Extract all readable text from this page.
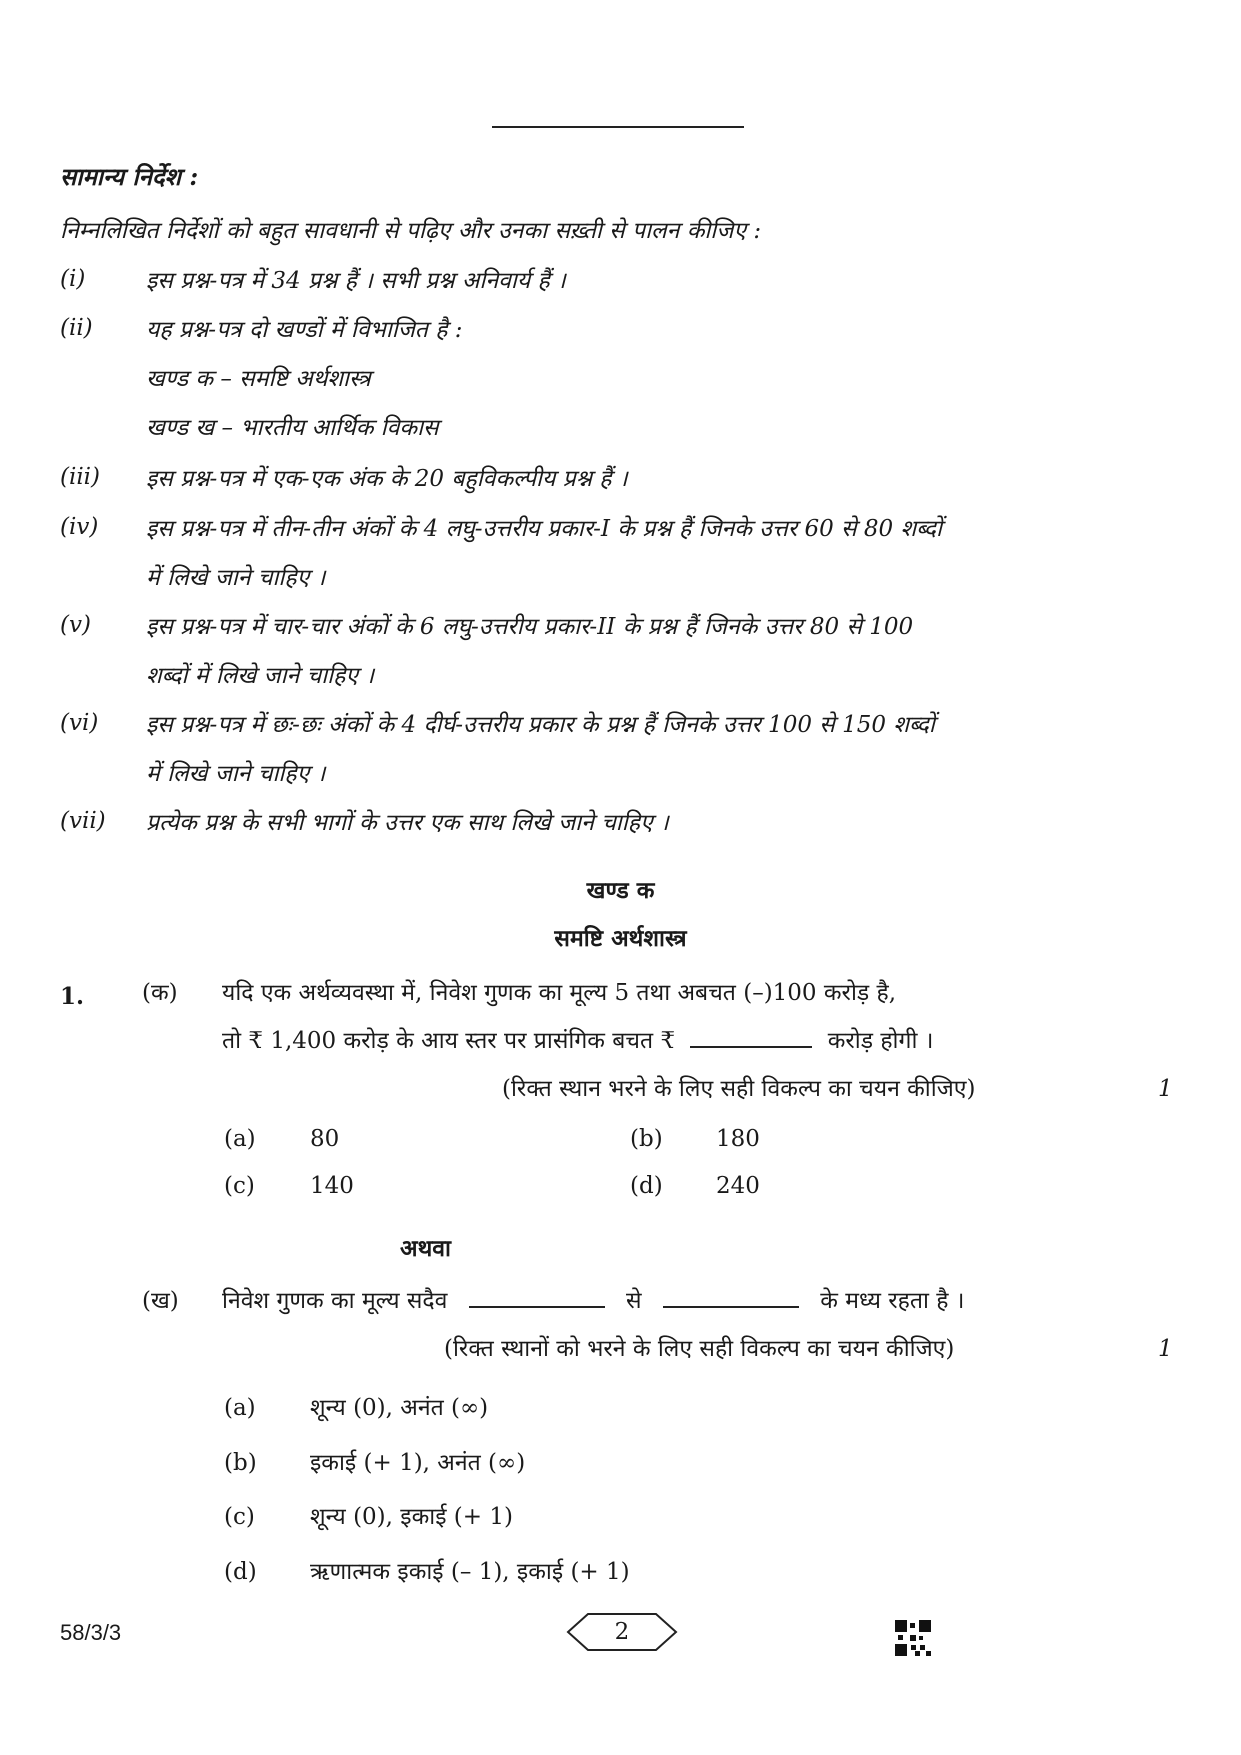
सामान्य निर्देश :
निम्नलिखित निर्देशों को बहुत सावधानी से पढ़िए और उनका सख़्ती से पालन कीजिए :
(i)	इस प्रश्न-पत्र में 34 प्रश्न हैं । सभी प्रश्न अनिवार्य हैं ।
(ii) यह प्रश्न-पत्र दो खण्डों में विभाजित है :
खण्ड क – समष्टि अर्थशास्त्र
खण्ड ख – भारतीय आर्थिक विकास
(iii) इस प्रश्न-पत्र में एक-एक अंक के 20 बहुविकल्पीय प्रश्न हैं ।
(iv) इस प्रश्न-पत्र में तीन-तीन अंकों के 4 लघु-उत्तरीय प्रकार-I के प्रश्न हैं जिनके उत्तर 60 से 80 शब्दों
में लिखे जाने चाहिए ।
(v) इस प्रश्न-पत्र में चार-चार अंकों के 6 लघु-उत्तरीय प्रकार-II के प्रश्न हैं जिनके उत्तर 80 से 100
शब्दों में लिखे जाने चाहिए ।
(vi) इस प्रश्न-पत्र में छः-छः अंकों के 4 दीर्घ-उत्तरीय प्रकार के प्रश्न हैं जिनके उत्तर 100 से 150 शब्दों
में लिखे जाने चाहिए ।
(vii) प्रत्येक प्रश्न के सभी भागों के उत्तर एक साथ लिखे जाने चाहिए ।
खण्ड क
समष्टि अर्थशास्त्र
1.	(क) यदि एक अर्थव्यवस्था में, निवेश गुणक का मूल्य 5 तथा अबचत (–)100 करोड़ है,
तो ₹ 1,400 करोड़ के आय स्तर पर प्रासंगिक बचत ₹	करोड़ होगी ।
(रिक्त स्थान भरने के लिए सही विकल्प का चयन कीजिए)	1
(a) 80	(b) 180
(c) 140	(d) 240
अथवा
(ख) निवेश गुणक का मूल्य सदैव	से	के मध्य रहता है ।
(रिक्त स्थानों को भरने के लिए सही विकल्प का चयन कीजिए)	1
(a) शून्य (0), अनंत (∞)
(b) इकाई (+ 1), अनंत (∞)
(c) शून्य (0), इकाई (+ 1)
(d) ऋणात्मक इकाई (– 1), इकाई (+ 1)
58/3/3	2
